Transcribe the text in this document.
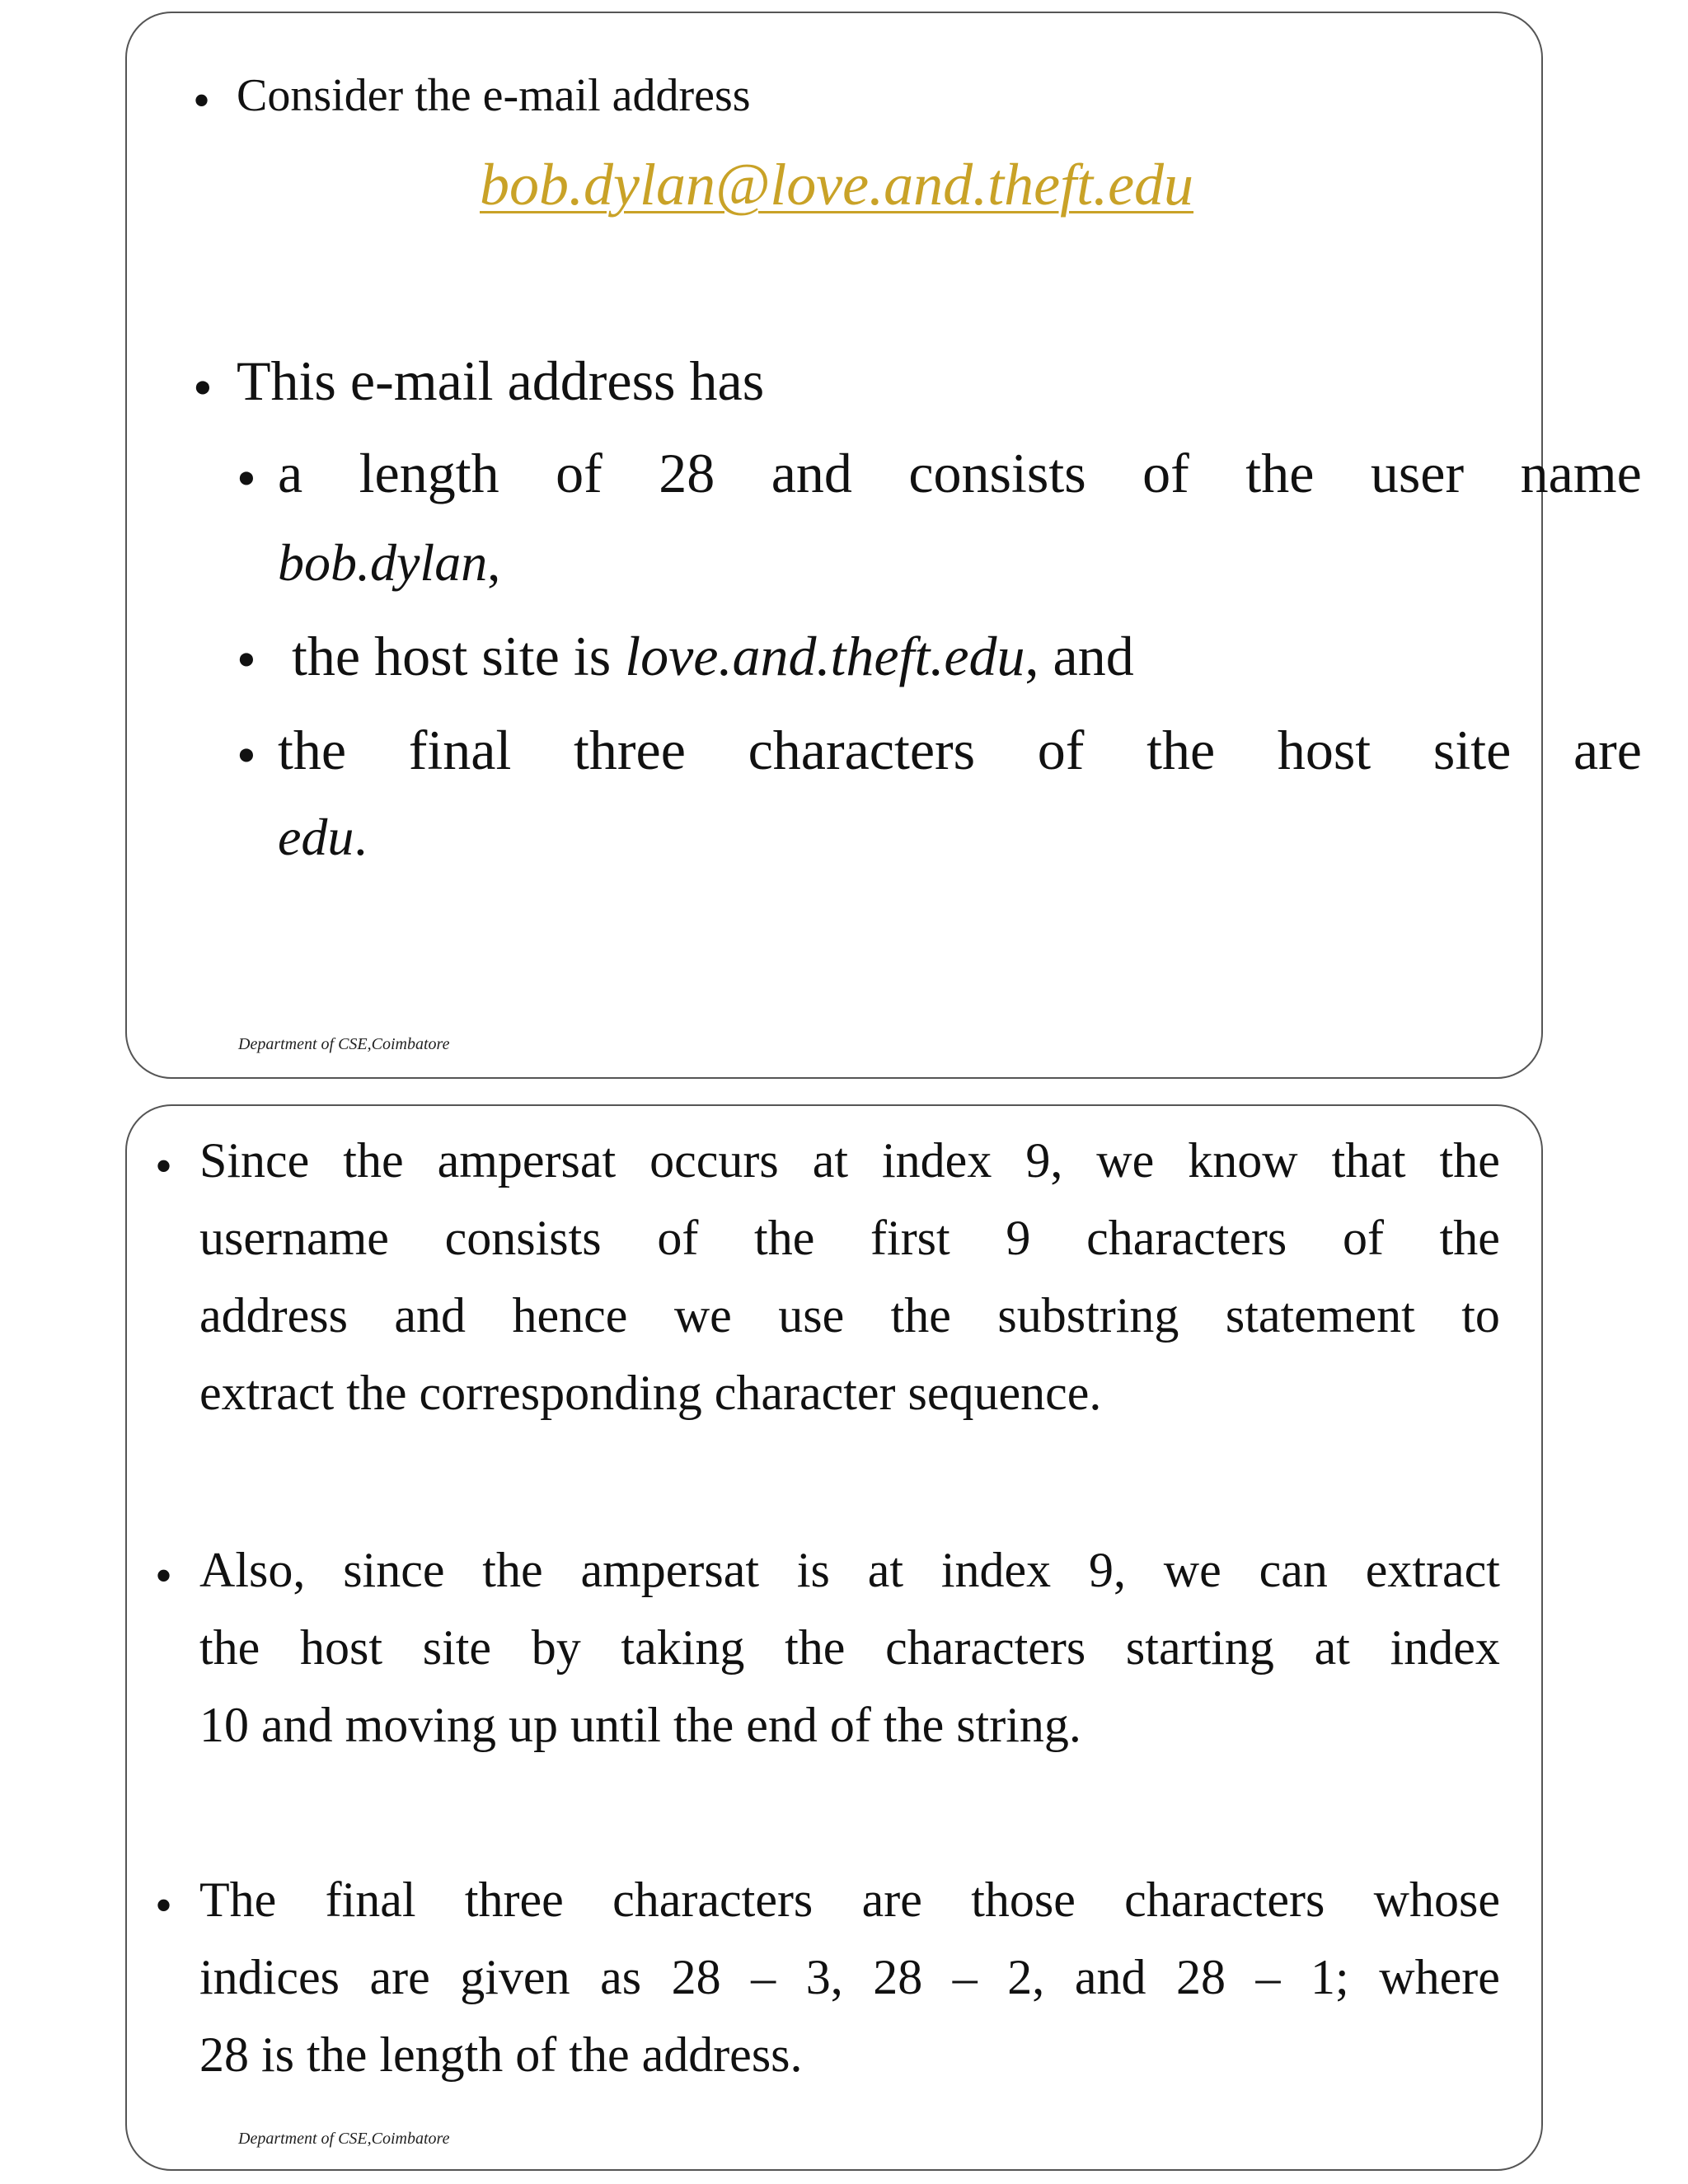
• Consider the e-mail address
bob.dylan@love.and.theft.edu
• This e-mail address has
• a length of 28 and consists of the user name
bob.dylan,
• the host site is love.and.theft.edu, and
• the final three characters of the host site are
edu.
Department of CSE,Coimbatore
• Since the ampersat occurs at index 9, we know that the
username consists of the first 9 characters of the
address and hence we use the substring statement to
extract the corresponding character sequence.
• Also, since the ampersat is at index 9, we can extract
the host site by taking the characters starting at index
10 and moving up until the end of the string.
• The final three characters are those characters whose
indices are given as 28 – 3, 28 – 2, and 28 – 1; where
28 is the length of the address.
Department of CSE,Coimbatore
